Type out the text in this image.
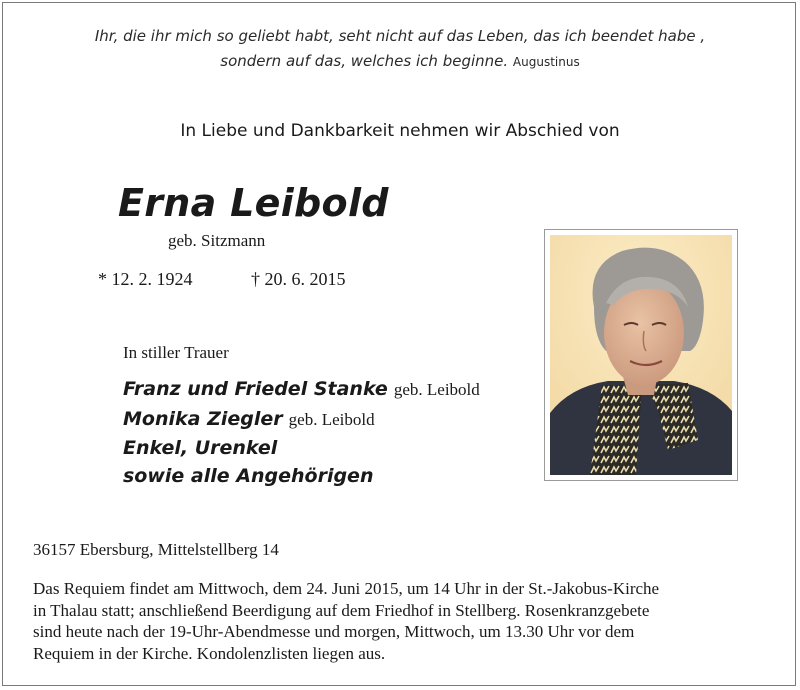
Ihr, die ihr mich so geliebt habt, seht nicht auf das Leben, das ich beendet habe ,
sondern auf das, welches ich beginne. Augustinus
In Liebe und Dankbarkeit nehmen wir Abschied von
Erna Leibold
geb. Sitzmann
* 12. 2. 1924	† 20. 6. 2015
In stiller Trauer
Franz und Friedel Stanke geb. Leibold
Monika Ziegler geb. Leibold
Enkel, Urenkel
sowie alle Angehörigen
36157 Ebersburg, Mittelstellberg 14
Das Requiem findet am Mittwoch, dem 24. Juni 2015, um 14 Uhr in der St.-Jakobus-Kirche
in Thalau statt; anschließend Beerdigung auf dem Friedhof in Stellberg. Rosenkranzgebete
sind heute nach der 19-Uhr-Abendmesse und morgen, Mittwoch, um 13.30 Uhr vor dem
Requiem in der Kirche. Kondolenzlisten liegen aus.
